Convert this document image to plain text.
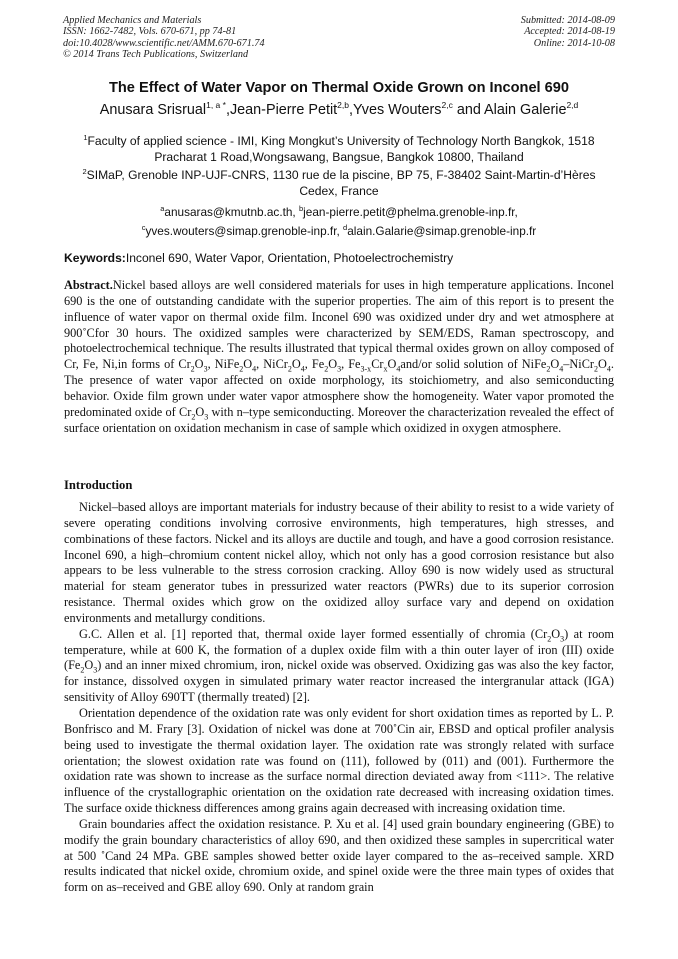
Applied Mechanics and Materials
ISSN: 1662-7482, Vols. 670-671, pp 74-81
doi:10.4028/www.scientific.net/AMM.670-671.74
© 2014 Trans Tech Publications, Switzerland
Submitted: 2014-08-09
Accepted: 2014-08-19
Online: 2014-10-08
The Effect of Water Vapor on Thermal Oxide Grown on Inconel 690
Anusara Srisrual$^{1, a *}$,Jean-Pierre Petit$^{2,b}$,Yves Wouters$^{2,c}$ and Alain Galerie$^{2,d}$
$^1$Faculty of applied science - IMI, King Mongkut’s University of Technology North Bangkok, 1518 Pracharat 1 Road,Wongsawang, Bangsue, Bangkok 10800, Thailand
$^2$SIMaP, Grenoble INP-UJF-CNRS, 1130 rue de la piscine, BP 75, F-38402 Saint-Martin-d’Hères Cedex, France
$^a$anusaras@kmutnb.ac.th, $^b$jean-pierre.petit@phelma.grenoble-inp.fr,
$^c$yves.wouters@simap.grenoble-inp.fr, $^d$alain.Galarie@simap.grenoble-inp.fr
Keywords:Inconel 690, Water Vapor, Orientation, Photoelectrochemistry

Abstract.Nickel based alloys are well considered materials for uses in high temperature applications. Inconel 690 is the one of outstanding candidate with the superior properties. The aim of this report is to present the influence of water vapor on thermal oxide film. Inconel 690 was oxidized under dry and wet atmosphere at 900˚Cfor 30 hours. The oxidized samples were characterized by SEM/EDS, Raman spectroscopy, and photoelectrochemical technique. The results illustrated that typical thermal oxides grown on alloy composed of Cr, Fe, Ni,in forms of $Cr_2O_3$, $NiFe_2O_4$, $NiCr_2O_4$, $Fe_2O_3$, $Fe_{3-x}Cr_xO_4and/or$ solid solution of $NiFe_2O_4-NiCr_2O_4$. The presence of water vapor affected on oxide morphology, its stoichiometry, and also semiconducting behavior. Oxide film grown under water vapor atmosphere show the homogeneity. Water vapor promoted the predominated oxide of $Cr_2O_3$ with n–type semiconducting. Moreover the characterization revealed the effect of surface orientation on oxidation mechanism in case of sample which oxidized in oxygen atmosphere.

Introduction

Nickel–based alloys are important materials for industry because of their ability to resist to a wide variety of severe operating conditions involving corrosive environments, high temperatures, high stresses, and combinations of these factors. Nickel and its alloys are ductile and tough, and have a good corrosion resistance. Inconel 690, a high–chromium content nickel alloy, which not only has a good corrosion resistance but also appears to be less vulnerable to the stress corrosion cracking. Alloy 690 is now widely used as structural material for steam generator tubes in pressurized water reactors (PWRs) due to its superior corrosion resistance. Thermal oxides which grow on the oxidized alloy surface vary and depend on oxidation environments and metallurgy conditions.

G.C. Allen et al. [1] reported that, thermal oxide layer formed essentially of chromia $(Cr_2O_3)$ at room temperature, while at 600 K, the formation of a duplex oxide film with a thin outer layer of iron (III) oxide $(Fe_2O_3)$ and an inner mixed chromium, iron, nickel oxide was observed. Oxidizing gas was also the key factor, for instance, dissolved oxygen in simulated primary water reactor increased the intergranular attack (IGA) sensitivity of Alloy 690TT (thermally treated) [2].

Orientation dependence of the oxidation rate was only evident for short oxidation times as reported by L. P. Bonfrisco and M. Frary [3]. Oxidation of nickel was done at 700˚Cin air, EBSD and optical profiler analysis being used to investigate the thermal oxidation layer. The oxidation rate was strongly related with surface orientation; the slowest oxidation rate was found on (111), followed by (011) and (001). Furthermore the oxidation rate was shown to increase as the surface normal direction deviated away from <111>. The relative influence of the crystallographic orientation on the oxidation rate decreased with increasing oxidation times. The surface oxide thickness differences among grains again decreased with increasing oxidation time.

Grain boundaries affect the oxidation resistance. P. Xu et al. [4] used grain boundary engineering (GBE) to modify the grain boundary characteristics of alloy 690, and then oxidized these samples in supercritical water at 500 ˚Cand 24 MPa. GBE samples showed better oxide layer compared to the as–received sample. XRD results indicated that nickel oxide, chromium oxide, and spinel oxide were the three main types of oxides that form on as–received and GBE alloy 690. Only at random grain
